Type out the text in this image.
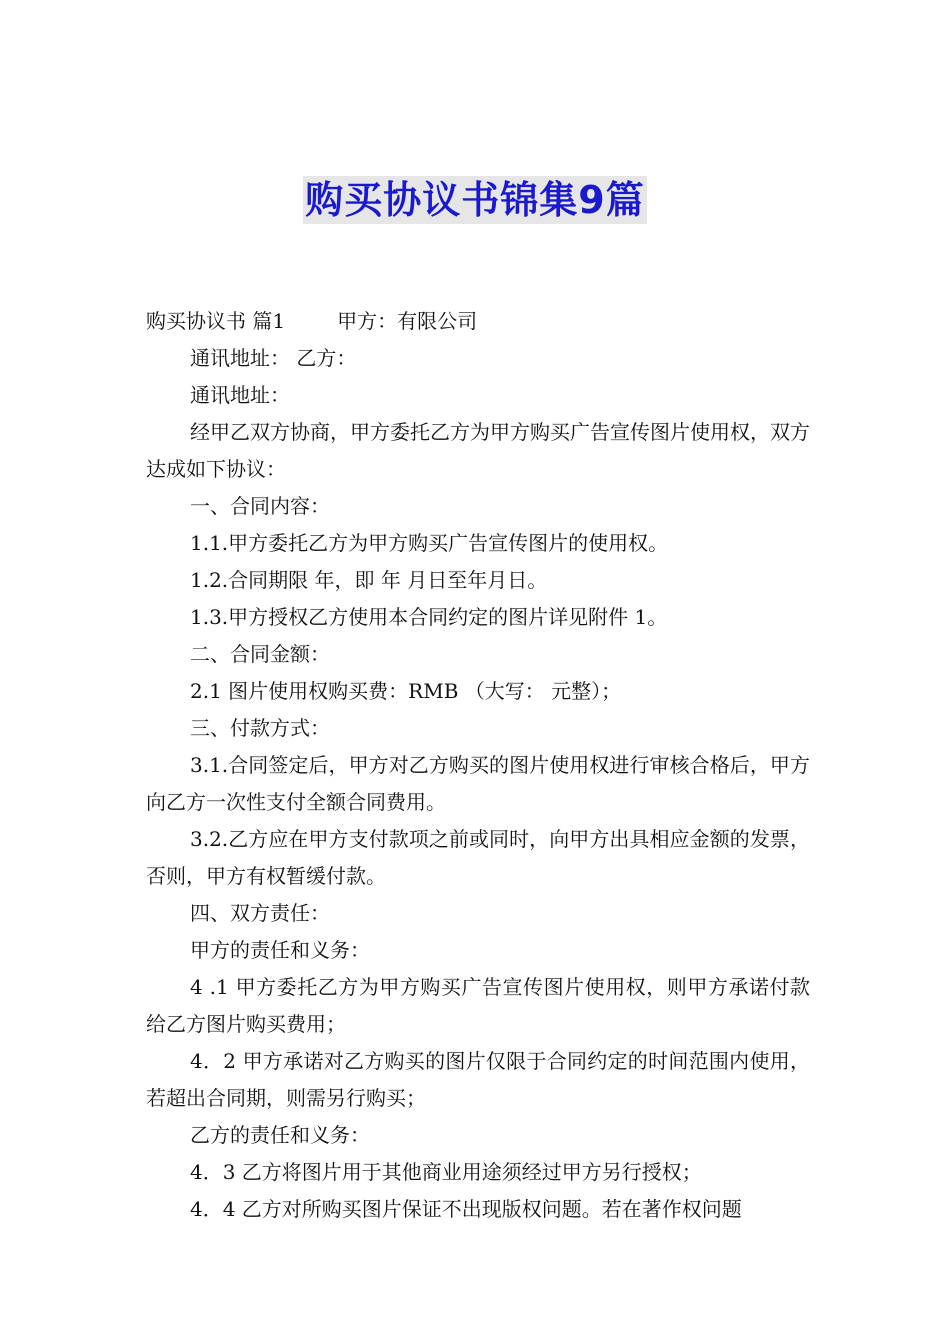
购买协议书锦集9篇

购买协议书 篇1	甲方：有限公司

通讯地址： 乙方：

通讯地址：

经甲乙双方协商，甲方委托乙方为甲方购买广告宣传图片使用权，双方达成如下协议：

一、合同内容：

1.1.甲方委托乙方为甲方购买广告宣传图片的使用权。

1.2.合同期限 年，即 年 月日至年月日。

1.3.甲方授权乙方使用本合同约定的图片详见附件 1。

二、合同金额：

2.1 图片使用权购买费：RMB （大写： 元整）；

三、付款方式：

3.1.合同签定后，甲方对乙方购买的图片使用权进行审核合格后，甲方向乙方一次性支付全额合同费用。

3.2.乙方应在甲方支付款项之前或同时，向甲方出具相应金额的发票，否则，甲方有权暂缓付款。

四、双方责任：

甲方的责任和义务：

4 .1 甲方委托乙方为甲方购买广告宣传图片使用权，则甲方承诺付款给乙方图片购买费用；

4．2 甲方承诺对乙方购买的图片仅限于合同约定的时间范围内使用，若超出合同期，则需另行购买；

乙方的责任和义务：

4．3 乙方将图片用于其他商业用途须经过甲方另行授权；

4．4 乙方对所购买图片保证不出现版权问题。若在著作权问题
